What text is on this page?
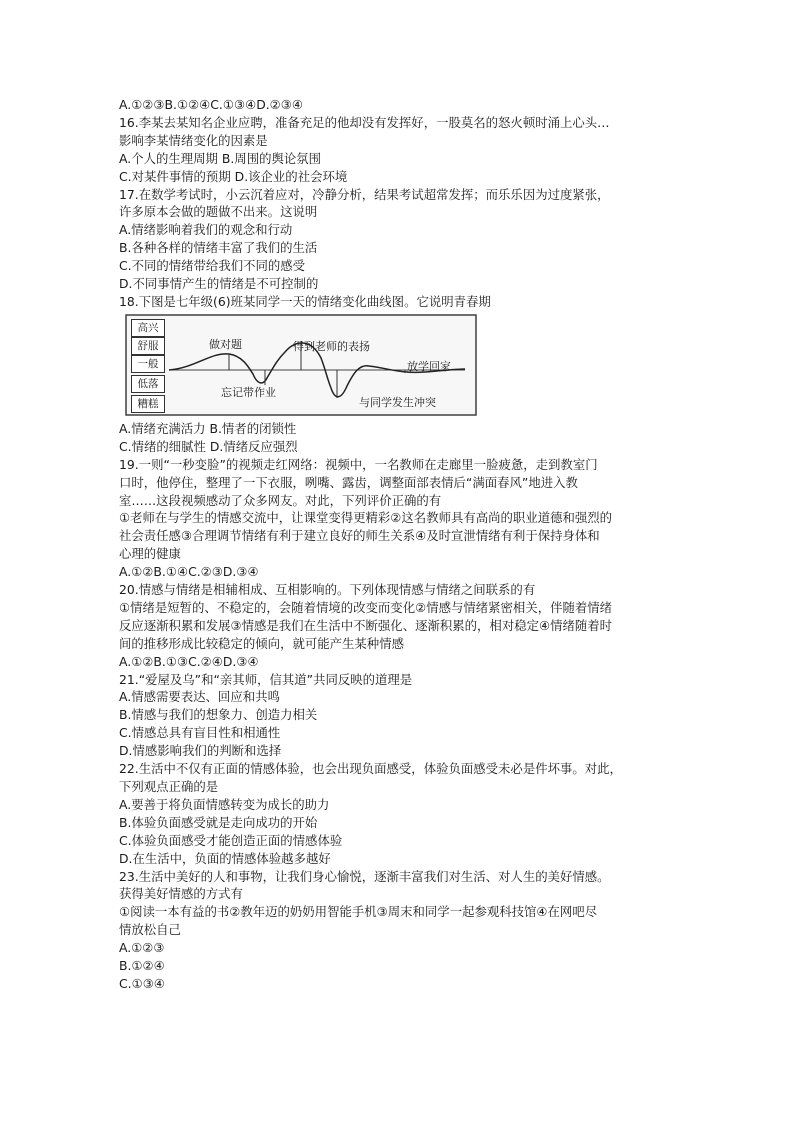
A.①②③B.①②④C.①③④D.②③④
16.李某去某知名企业应聘，准备充足的他却没有发挥好，一股莫名的怒火顿时涌上心头…
影响李某情绪变化的因素是
A.个人的生理周期 B.周围的舆论氛围
C.对某件事情的预期 D.该企业的社会环境
17.在数学考试时，小云沉着应对，冷静分析，结果考试超常发挥；而乐乐因为过度紧张，
许多原本会做的题做不出来。这说明
A.情绪影响着我们的观念和行动
B.各种各样的情绪丰富了我们的生活
C.不同的情绪带给我们不同的感受
D.不同事情产生的情绪是不可控制的
18.下图是七年级(6)班某同学一天的情绪变化曲线图。它说明青春期
高兴
舒服
一般
低落
糟糕
做对题	得到老师的表扬
放学回家
忘记带作业
与同学发生冲突
A.情绪充满活力 B.情者的闭锁性
C.情绪的细腻性 D.情绪反应强烈
19.一则“一秒变脸”的视频走红网络：视频中，一名教师在走廊里一脸疲惫，走到教室门
口时，他停住，整理了一下衣服，咧嘴、露齿，调整面部表情后“满面春风”地进入教
室……这段视频感动了众多网友。对此，下列评价正确的有
①老师在与学生的情感交流中，让课堂变得更精彩②这名教师具有高尚的职业道德和强烈的
社会责任感③合理调节情绪有利于建立良好的师生关系④及时宣泄情绪有利于保持身体和
心理的健康
A.①②B.①④C.②③D.③④
20.情感与情绪是相辅相成、互相影响的。下列体现情感与情绪之间联系的有
①情绪是短暂的、不稳定的，会随着情境的改变而变化②情感与情绪紧密相关，伴随着情绪
反应逐渐积累和发展③情感是我们在生活中不断强化、逐渐积累的，相对稳定④情绪随着时
间的推移形成比较稳定的倾向，就可能产生某种情感
A.①②B.①③C.②④D.③④
21.“爱屋及乌”和“亲其师，信其道”共同反映的道理是
A.情感需要表达、回应和共鸣
B.情感与我们的想象力、创造力相关
C.情感总具有盲目性和相通性
D.情感影响我们的判断和选择
22.生活中不仅有正面的情感体验，也会出现负面感受，体验负面感受未必是件坏事。对此，
下列观点正确的是
A.要善于将负面情感转变为成长的助力
B.体验负面感受就是走向成功的开始
C.体验负面感受才能创造正面的情感体验
D.在生活中，负面的情感体验越多越好
23.生活中美好的人和事物，让我们身心愉悦，逐渐丰富我们对生活、对人生的美好情感。
获得美好情感的方式有
①阅读一本有益的书②教年迈的奶奶用智能手机③周末和同学一起参观科技馆④在网吧尽
情放松自己
A.①②③
B.①②④
C.①③④
